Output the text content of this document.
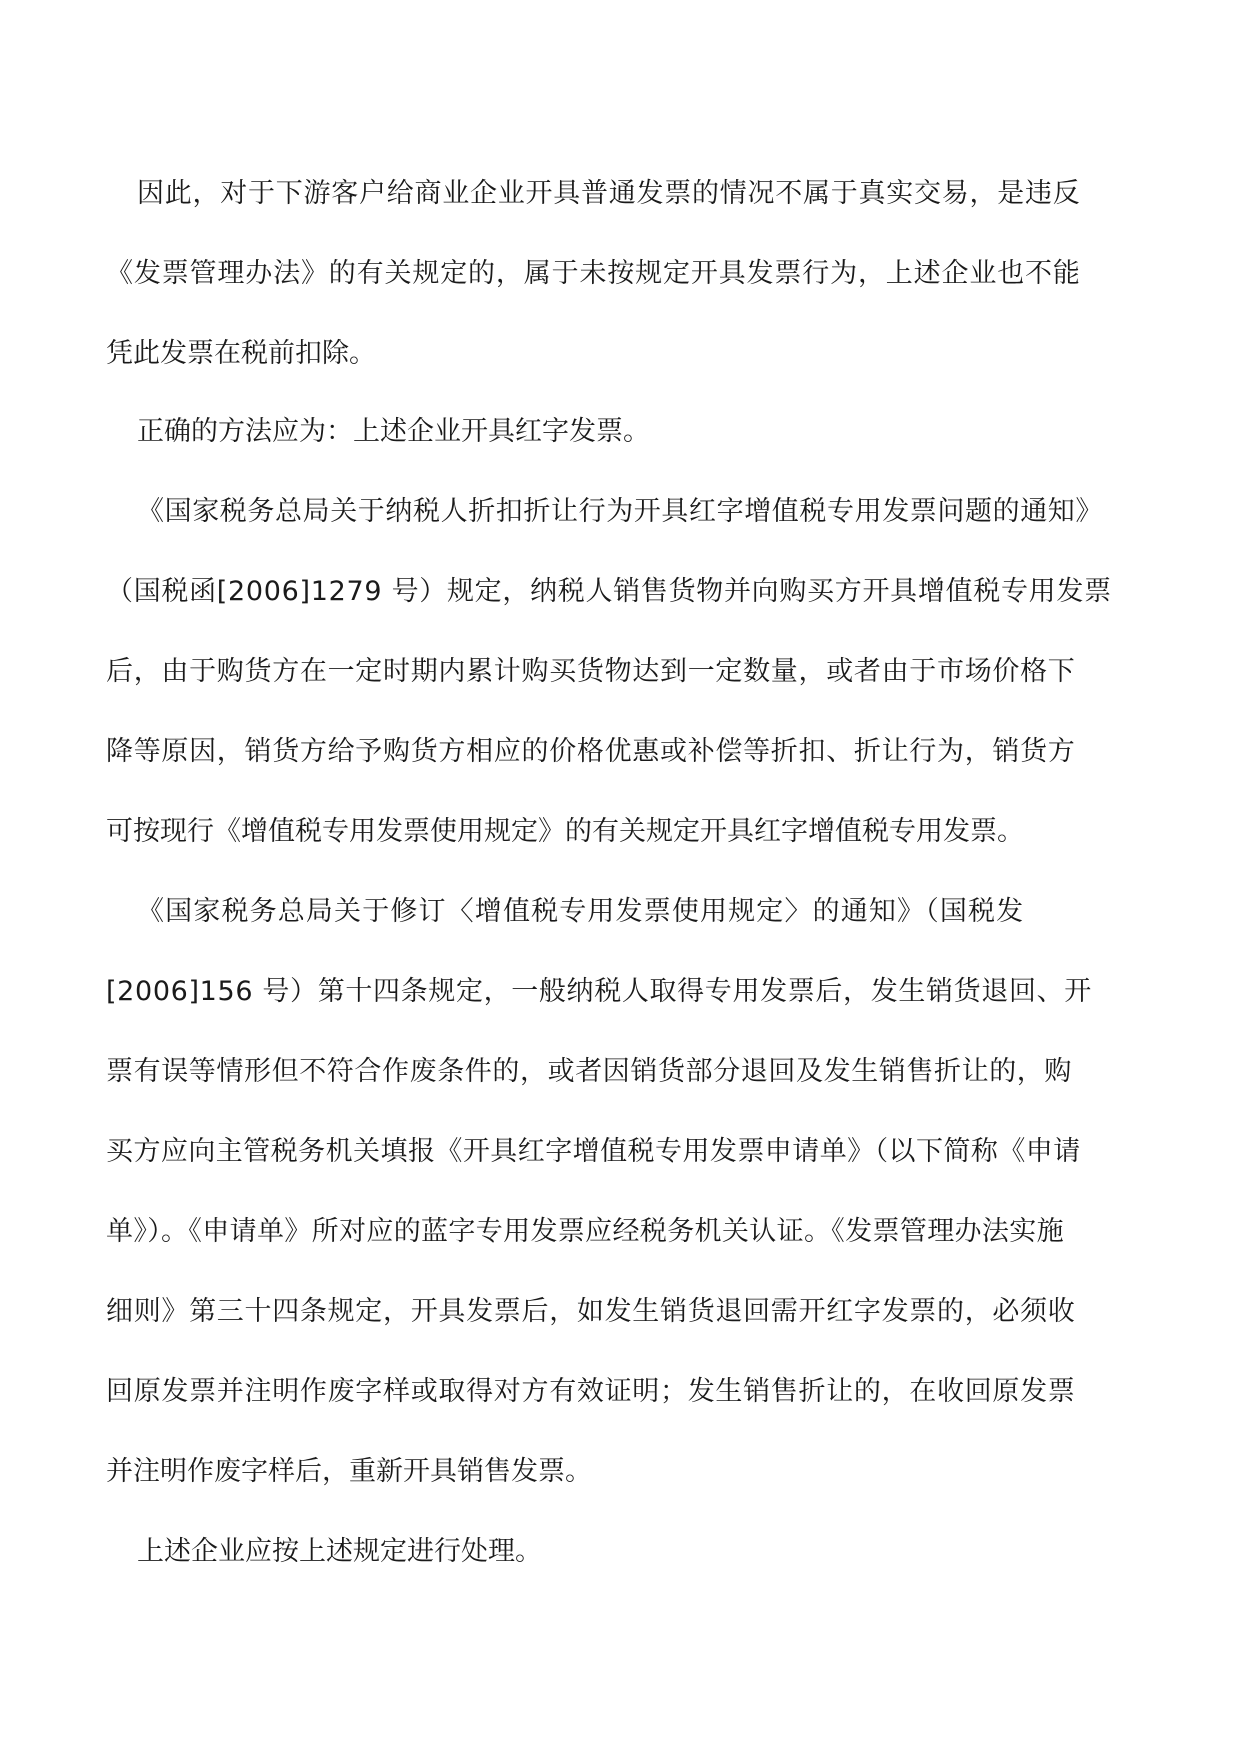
因此，对于下游客户给商业企业开具普通发票的情况不属于真实交易，是违反
《发票管理办法》的有关规定的，属于未按规定开具发票行为，上述企业也不能
凭此发票在税前扣除。
正确的方法应为：上述企业开具红字发票。
《国家税务总局关于纳税人折扣折让行为开具红字增值税专用发票问题的通知》
（国税函[2006]1279 号）规定，纳税人销售货物并向购买方开具增值税专用发票
后，由于购货方在一定时期内累计购买货物达到一定数量，或者由于市场价格下
降等原因，销货方给予购货方相应的价格优惠或补偿等折扣、折让行为，销货方
可按现行《增值税专用发票使用规定》的有关规定开具红字增值税专用发票。
《国家税务总局关于修订〈增值税专用发票使用规定〉的通知》（国税发
[2006]156 号）第十四条规定，一般纳税人取得专用发票后，发生销货退回、开
票有误等情形但不符合作废条件的，或者因销货部分退回及发生销售折让的，购
买方应向主管税务机关填报《开具红字增值税专用发票申请单》（以下简称《申请
单》）。《申请单》所对应的蓝字专用发票应经税务机关认证。《发票管理办法实施
细则》第三十四条规定，开具发票后，如发生销货退回需开红字发票的，必须收
回原发票并注明作废字样或取得对方有效证明；发生销售折让的，在收回原发票
并注明作废字样后，重新开具销售发票。
上述企业应按上述规定进行处理。
